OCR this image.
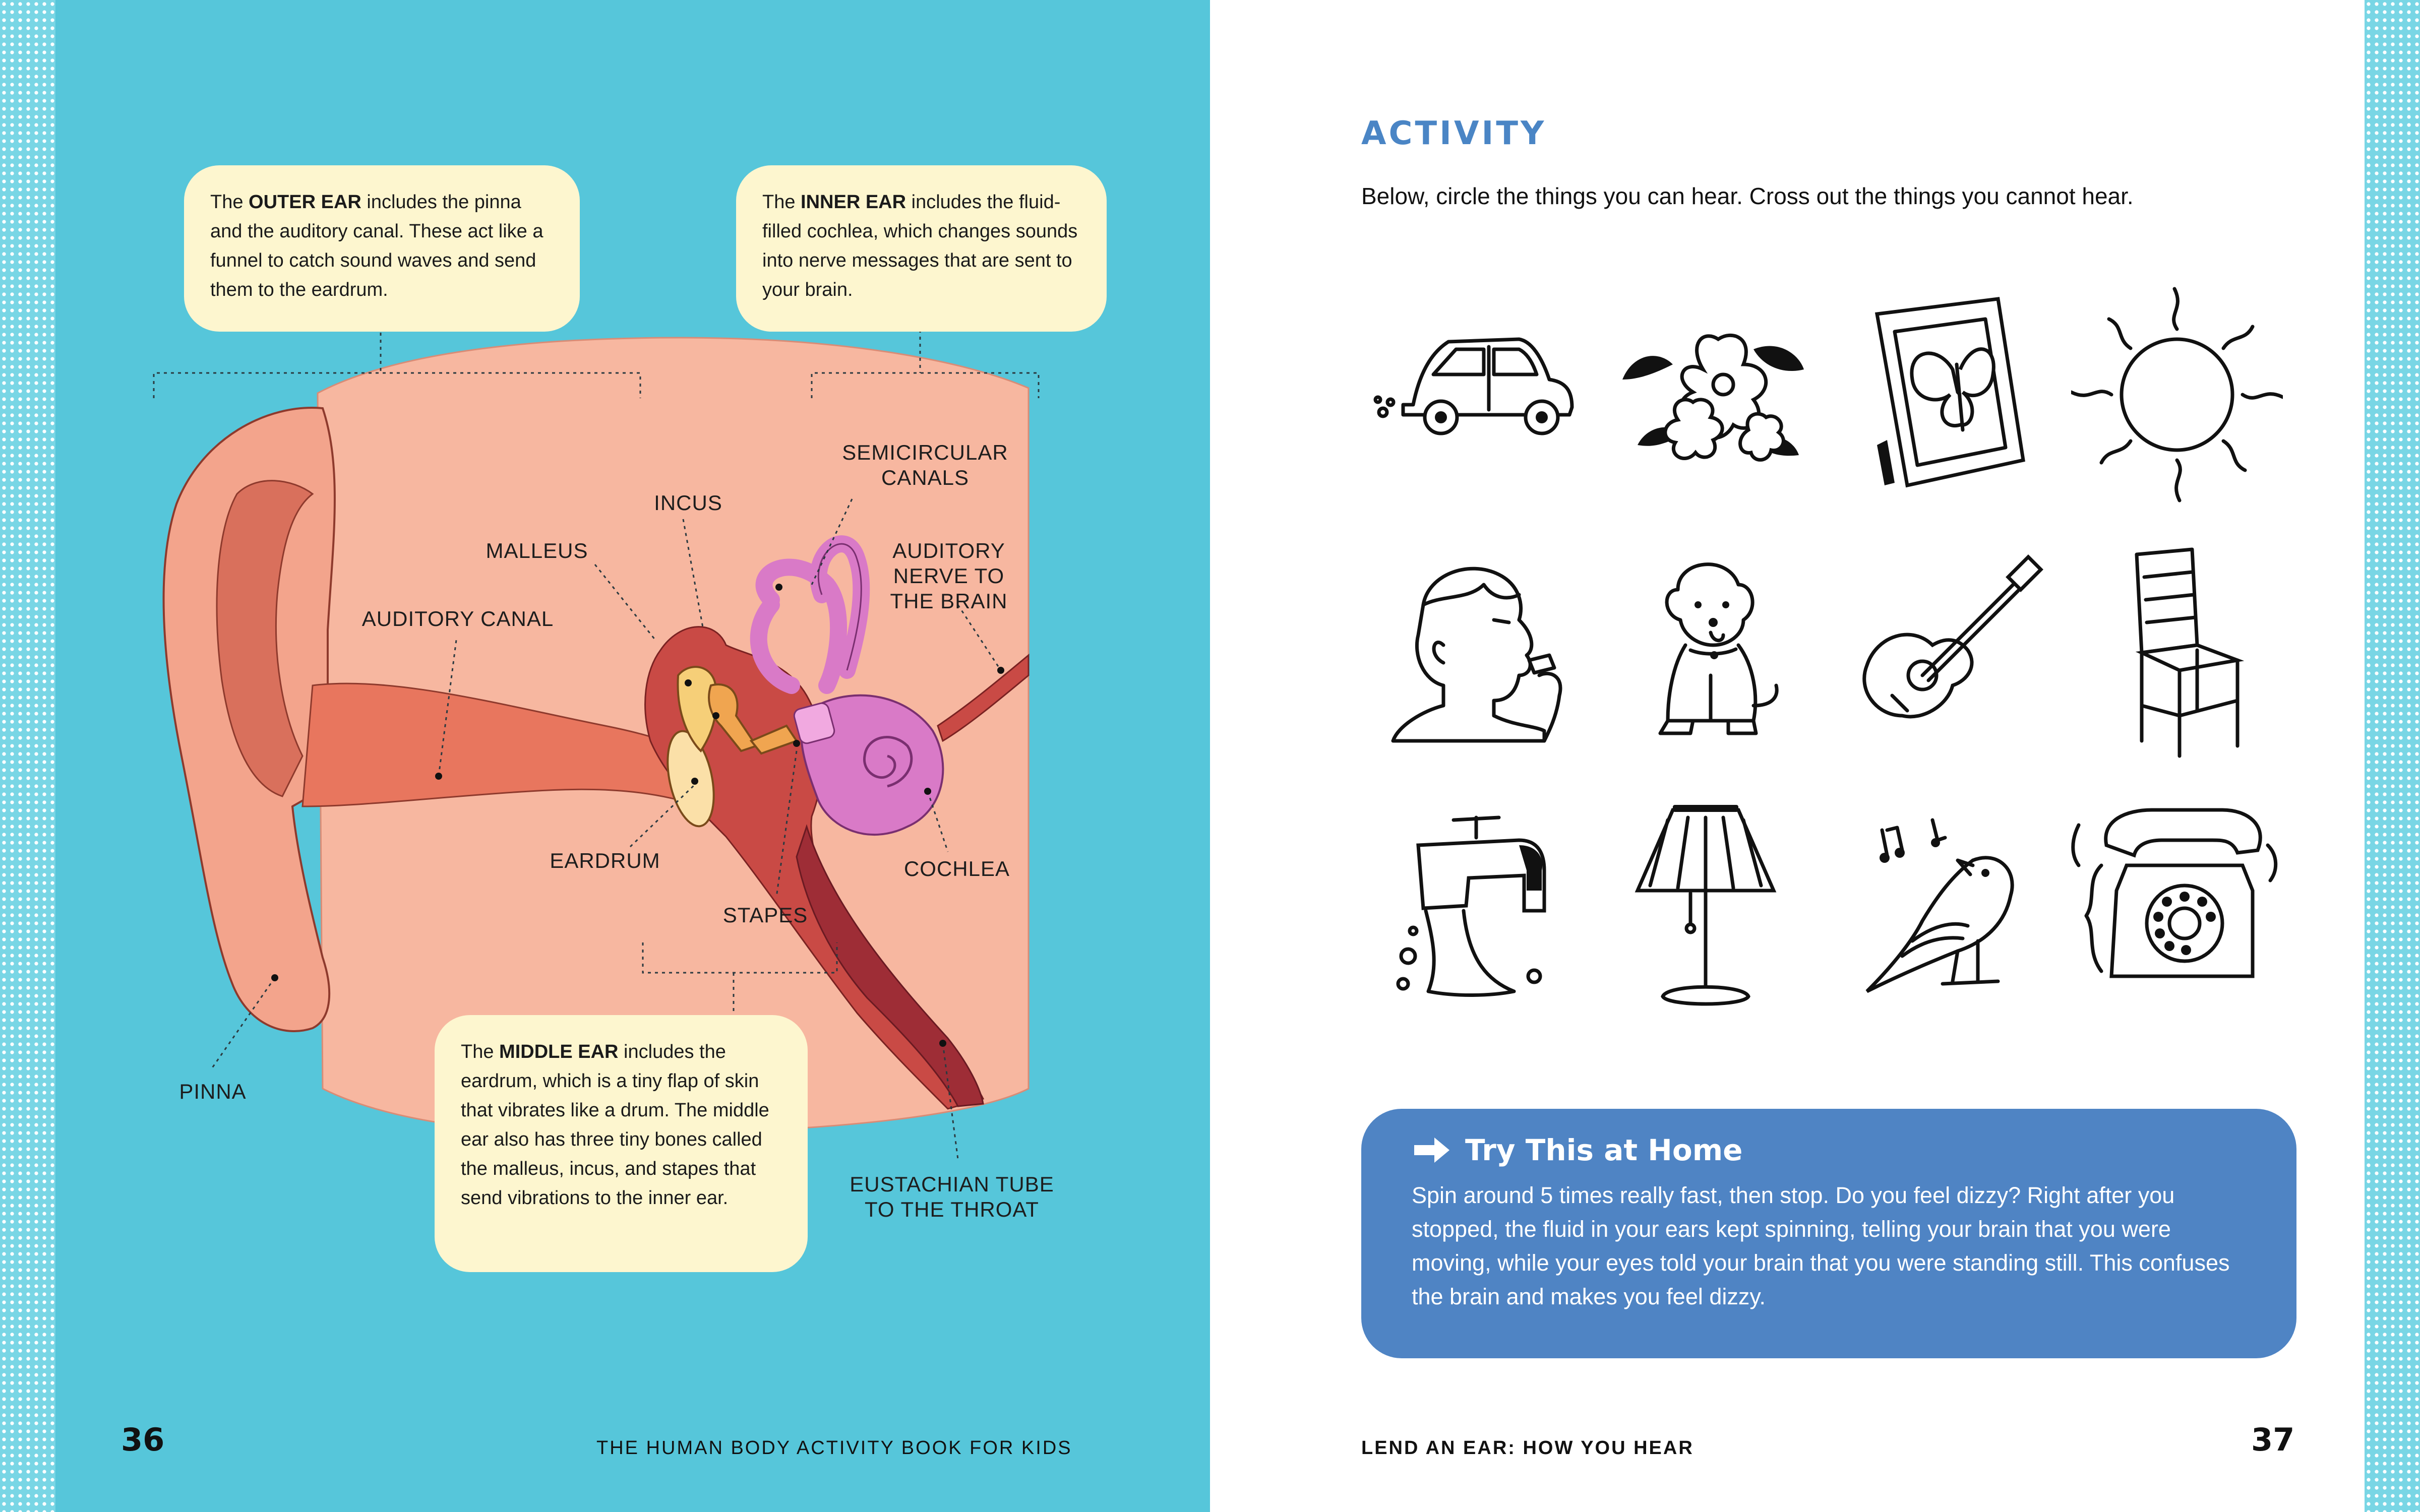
SEMICIRCULAR
CANALS
INCUS
MALLEUS	AUDITORY
NERVE TO
THE BRAIN
AUDITORY CANAL
EARDRUM	COCHLEA
STAPES
PINNA
EUSTACHIAN TUBE
TO THE THROAT
The OUTER EAR includes the pinna and the auditory canal. These act like a funnel to catch sound waves and send them to the eardrum.
The INNER EAR includes the fluid-filled cochlea, which changes sounds into nerve messages that are sent to your brain.
The MIDDLE EAR includes the eardrum, which is a tiny flap of skin that vibrates like a drum. The middle ear also has three tiny bones called the malleus, incus, and stapes that send vibrations to the inner ear.
36	THE HUMAN BODY ACTIVITY BOOK FOR KIDS
ACTIVITY
Below, circle the things you can hear. Cross out the things you cannot hear.
Try This at Home
Spin around 5 times really fast, then stop. Do you feel dizzy? Right after you stopped, the fluid in your ears kept spinning, telling your brain that you were moving, while your eyes told your brain that you were standing still. This confuses the brain and makes you feel dizzy.
LEND AN EAR: HOW YOU HEAR	37
